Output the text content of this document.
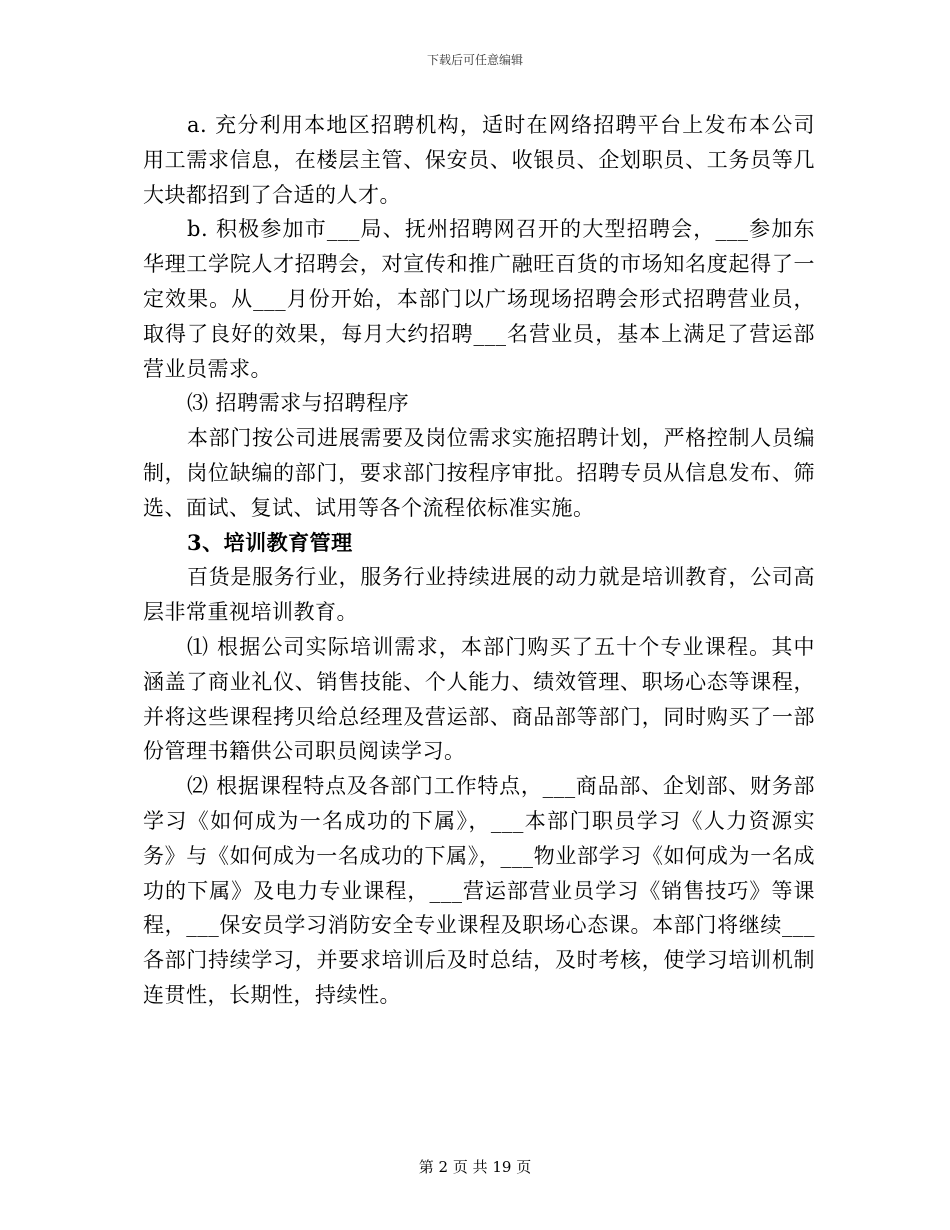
下载后可任意编辑

a. 充分利用本地区招聘机构，适时在网络招聘平台上发布本公司用工需求信息，在楼层主管、保安员、收银员、企划职员、工务员等几大块都招到了合适的人才。

b. 积极参加市___局、抚州招聘网召开的大型招聘会，___参加东华理工学院人才招聘会，对宣传和推广融旺百货的市场知名度起得了一定效果。从___月份开始，本部门以广场现场招聘会形式招聘营业员，取得了良好的效果，每月大约招聘___名营业员，基本上满足了营运部营业员需求。

⑶ 招聘需求与招聘程序

本部门按公司进展需要及岗位需求实施招聘计划，严格控制人员编制，岗位缺编的部门，要求部门按程序审批。招聘专员从信息发布、筛选、面试、复试、试用等各个流程依标准实施。

3、培训教育管理

百货是服务行业，服务行业持续进展的动力就是培训教育，公司高层非常重视培训教育。

⑴ 根据公司实际培训需求，本部门购买了五十个专业课程。其中涵盖了商业礼仪、销售技能、个人能力、绩效管理、职场心态等课程，并将这些课程拷贝给总经理及营运部、商品部等部门，同时购买了一部份管理书籍供公司职员阅读学习。

⑵ 根据课程特点及各部门工作特点，___商品部、企划部、财务部学习《如何成为一名成功的下属》，___本部门职员学习《人力资源实务》与《如何成为一名成功的下属》，___物业部学习《如何成为一名成功的下属》及电力专业课程，___营运部营业员学习《销售技巧》等课程，___保安员学习消防安全专业课程及职场心态课。本部门将继续___各部门持续学习，并要求培训后及时总结，及时考核，使学习培训机制连贯性，长期性，持续性。

第 2 页 共 19 页
